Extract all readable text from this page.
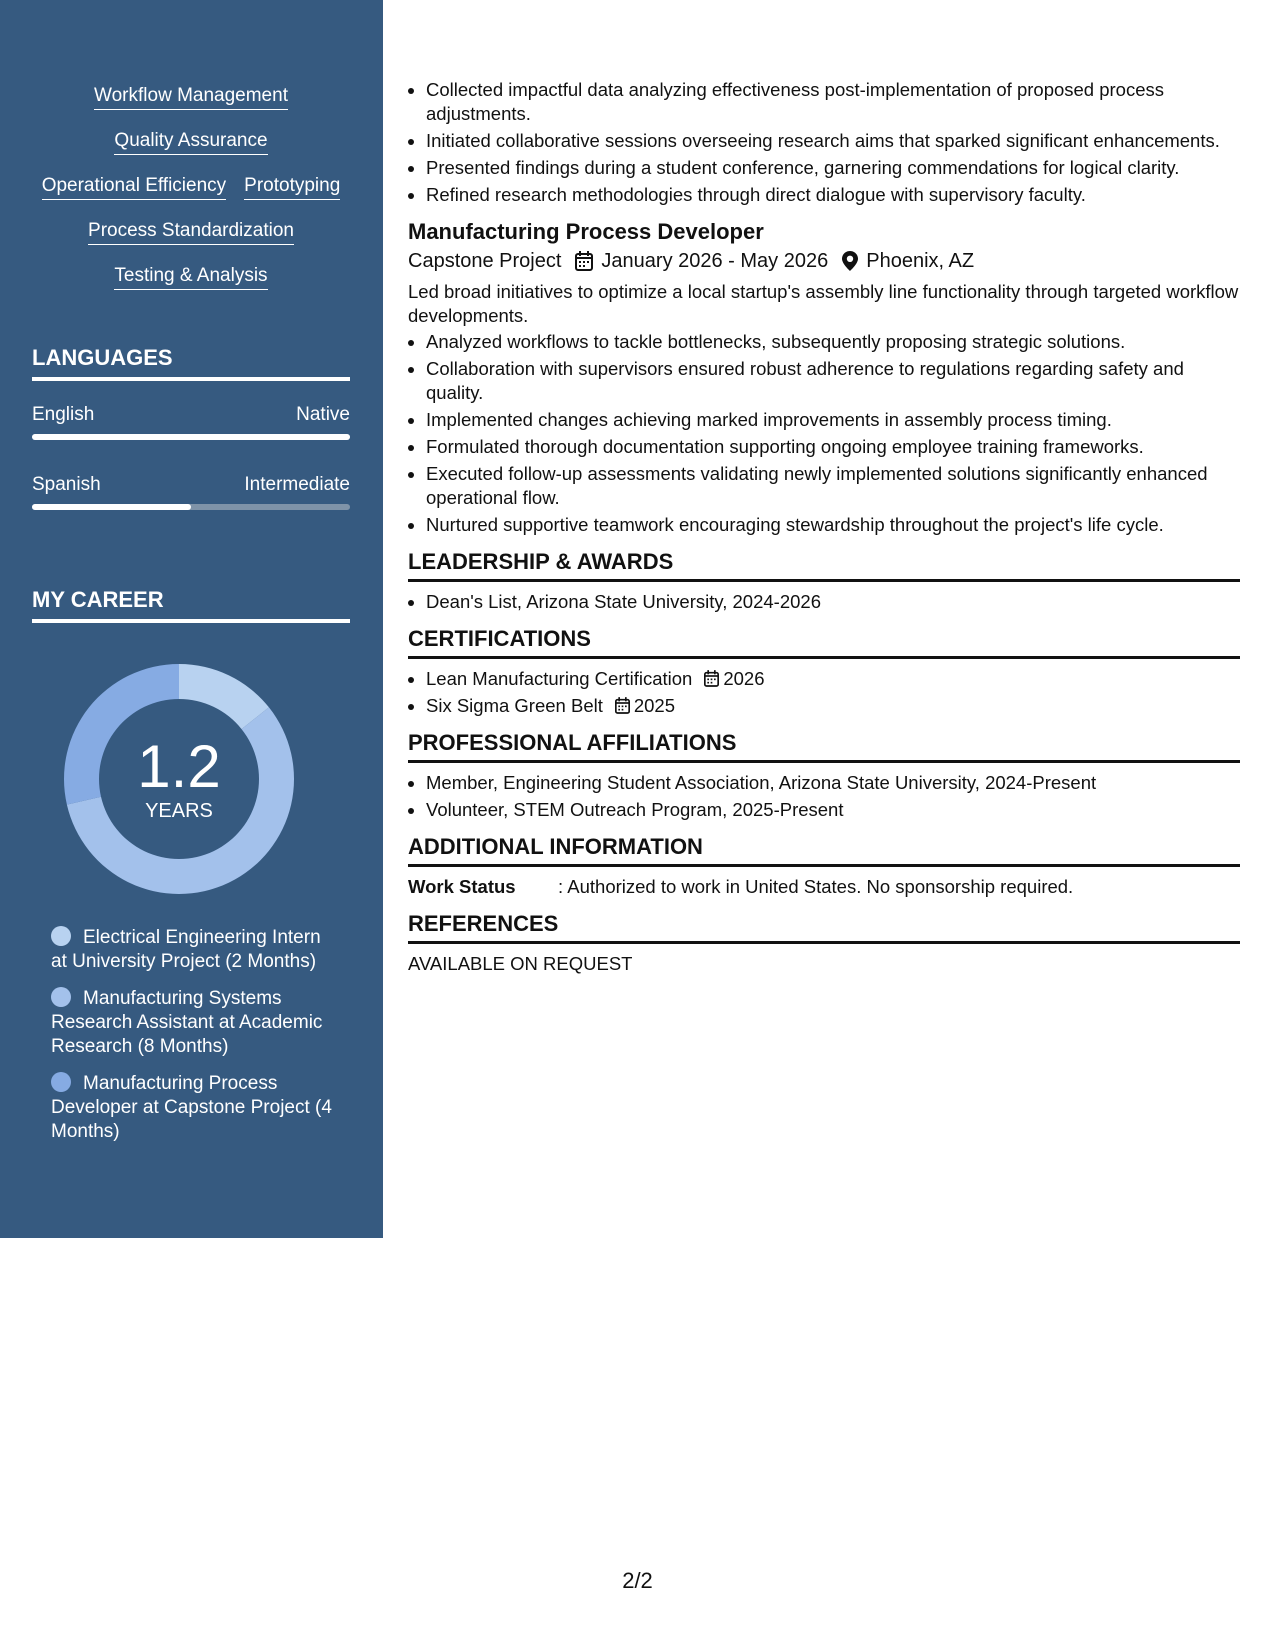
Workflow Management
Quality Assurance
Operational Efficiency Prototyping
Process Standardization
Testing & Analysis
LANGUAGES
English	Native
Spanish	Intermediate
MY CAREER
1.2
YEARS
Electrical Engineering Intern at University Project (2 Months)
Manufacturing Systems Research Assistant at Academic Research (8 Months)
Manufacturing Process Developer at Capstone Project (4 Months)
• Collected impactful data analyzing effectiveness post-implementation of proposed process adjustments.
• Initiated collaborative sessions overseeing research aims that sparked significant enhancements.
• Presented findings during a student conference, garnering commendations for logical clarity.
• Refined research methodologies through direct dialogue with supervisory faculty.
Manufacturing Process Developer
Capstone Project January 2026 - May 2026 Phoenix, AZ
Led broad initiatives to optimize a local startup's assembly line functionality through targeted workflow developments.
• Analyzed workflows to tackle bottlenecks, subsequently proposing strategic solutions.
• Collaboration with supervisors ensured robust adherence to regulations regarding safety and quality.
• Implemented changes achieving marked improvements in assembly process timing.
• Formulated thorough documentation supporting ongoing employee training frameworks.
• Executed follow-up assessments validating newly implemented solutions significantly enhanced operational flow.
• Nurtured supportive teamwork encouraging stewardship throughout the project's life cycle.
LEADERSHIP & AWARDS
• Dean's List, Arizona State University, 2024-2026
CERTIFICATIONS
• Lean Manufacturing Certification 2026
• Six Sigma Green Belt 2025
PROFESSIONAL AFFILIATIONS
• Member, Engineering Student Association, Arizona State University, 2024-Present
• Volunteer, STEM Outreach Program, 2025-Present
ADDITIONAL INFORMATION
Work Status	: Authorized to work in United States. No sponsorship required.
REFERENCES
AVAILABLE ON REQUEST
2/2
